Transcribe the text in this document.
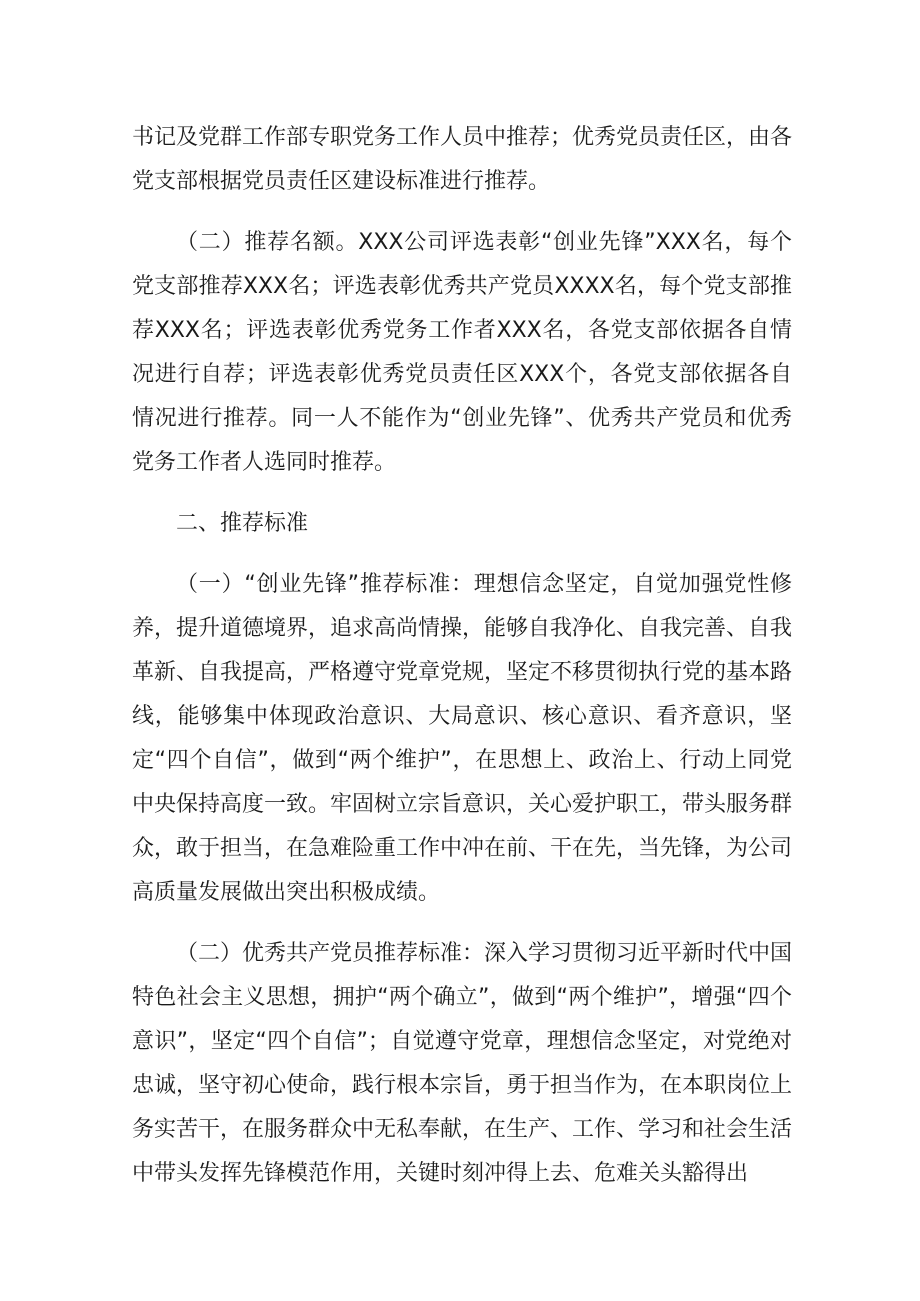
书记及党群工作部专职党务工作人员中推荐；优秀党员责任区，由各党支部根据党员责任区建设标准进行推荐。

（二）推荐名额。XXX公司评选表彰“创业先锋”XXX名，每个党支部推荐XXX名；评选表彰优秀共产党员XXXX名，每个党支部推荐XXX名；评选表彰优秀党务工作者XXX名，各党支部依据各自情况进行自荐；评选表彰优秀党员责任区XXX个，各党支部依据各自情况进行推荐。同一人不能作为“创业先锋”、优秀共产党员和优秀党务工作者人选同时推荐。

二、推荐标准

（一）“创业先锋”推荐标准：理想信念坚定，自觉加强党性修养，提升道德境界，追求高尚情操，能够自我净化、自我完善、自我革新、自我提高，严格遵守党章党规，坚定不移贯彻执行党的基本路线，能够集中体现政治意识、大局意识、核心意识、看齐意识，坚定“四个自信”，做到“两个维护”，在思想上、政治上、行动上同党中央保持高度一致。牢固树立宗旨意识，关心爱护职工，带头服务群众，敢于担当，在急难险重工作中冲在前、干在先，当先锋，为公司高质量发展做出突出积极成绩。

（二）优秀共产党员推荐标准：深入学习贯彻习近平新时代中国特色社会主义思想，拥护“两个确立”，做到“两个维护”，增强“四个意识”，坚定“四个自信”；自觉遵守党章，理想信念坚定，对党绝对忠诚，坚守初心使命，践行根本宗旨，勇于担当作为，在本职岗位上务实苦干，在服务群众中无私奉献，在生产、工作、学习和社会生活中带头发挥先锋模范作用，关键时刻冲得上去、危难关头豁得出
